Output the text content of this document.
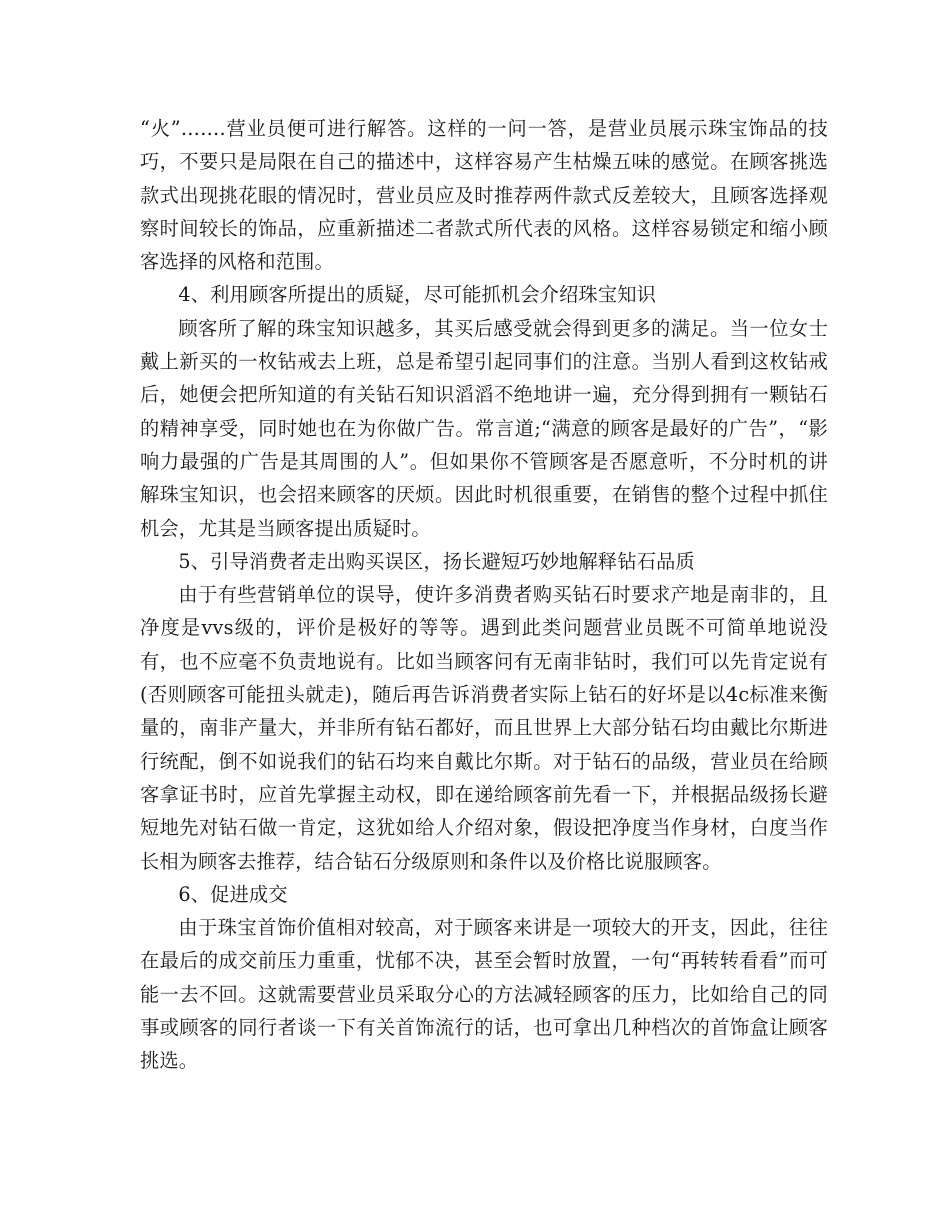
“火”…….营业员便可进行解答。这样的一问一答，是营业员展示珠宝饰品的技巧，不要只是局限在自己的描述中，这样容易产生枯燥五味的感觉。在顾客挑选款式出现挑花眼的情况时，营业员应及时推荐两件款式反差较大，且顾客选择观察时间较长的饰品，应重新描述二者款式所代表的风格。这样容易锁定和缩小顾客选择的风格和范围。

4、利用顾客所提出的质疑，尽可能抓机会介绍珠宝知识

顾客所了解的珠宝知识越多，其买后感受就会得到更多的满足。当一位女士戴上新买的一枚钻戒去上班，总是希望引起同事们的注意。当别人看到这枚钻戒后，她便会把所知道的有关钻石知识滔滔不绝地讲一遍，充分得到拥有一颗钻石的精神享受，同时她也在为你做广告。常言道;“满意的顾客是最好的广告”，“影响力最强的广告是其周围的人”。但如果你不管顾客是否愿意听，不分时机的讲解珠宝知识，也会招来顾客的厌烦。因此时机很重要，在销售的整个过程中抓住机会，尤其是当顾客提出质疑时。

5、引导消费者走出购买误区，扬长避短巧妙地解释钻石品质

由于有些营销单位的误导，使许多消费者购买钻石时要求产地是南非的，且净度是vvs级的，评价是极好的等等。遇到此类问题营业员既不可简单地说没有，也不应毫不负责地说有。比如当顾客问有无南非钻时，我们可以先肯定说有(否则顾客可能扭头就走)，随后再告诉消费者实际上钻石的好坏是以4c标准来衡量的，南非产量大，并非所有钻石都好，而且世界上大部分钻石均由戴比尔斯进行统配，倒不如说我们的钻石均来自戴比尔斯。对于钻石的品级，营业员在给顾客拿证书时，应首先掌握主动权，即在递给顾客前先看一下，并根据品级扬长避短地先对钻石做一肯定，这犹如给人介绍对象，假设把净度当作身材，白度当作长相为顾客去推荐，结合钻石分级原则和条件以及价格比说服顾客。

6、促进成交

由于珠宝首饰价值相对较高，对于顾客来讲是一项较大的开支，因此，往往在最后的成交前压力重重，忧郁不决，甚至会暂时放置，一句“再转转看看”而可能一去不回。这就需要营业员采取分心的方法减轻顾客的压力，比如给自己的同事或顾客的同行者谈一下有关首饰流行的话，也可拿出几种档次的首饰盒让顾客挑选。
